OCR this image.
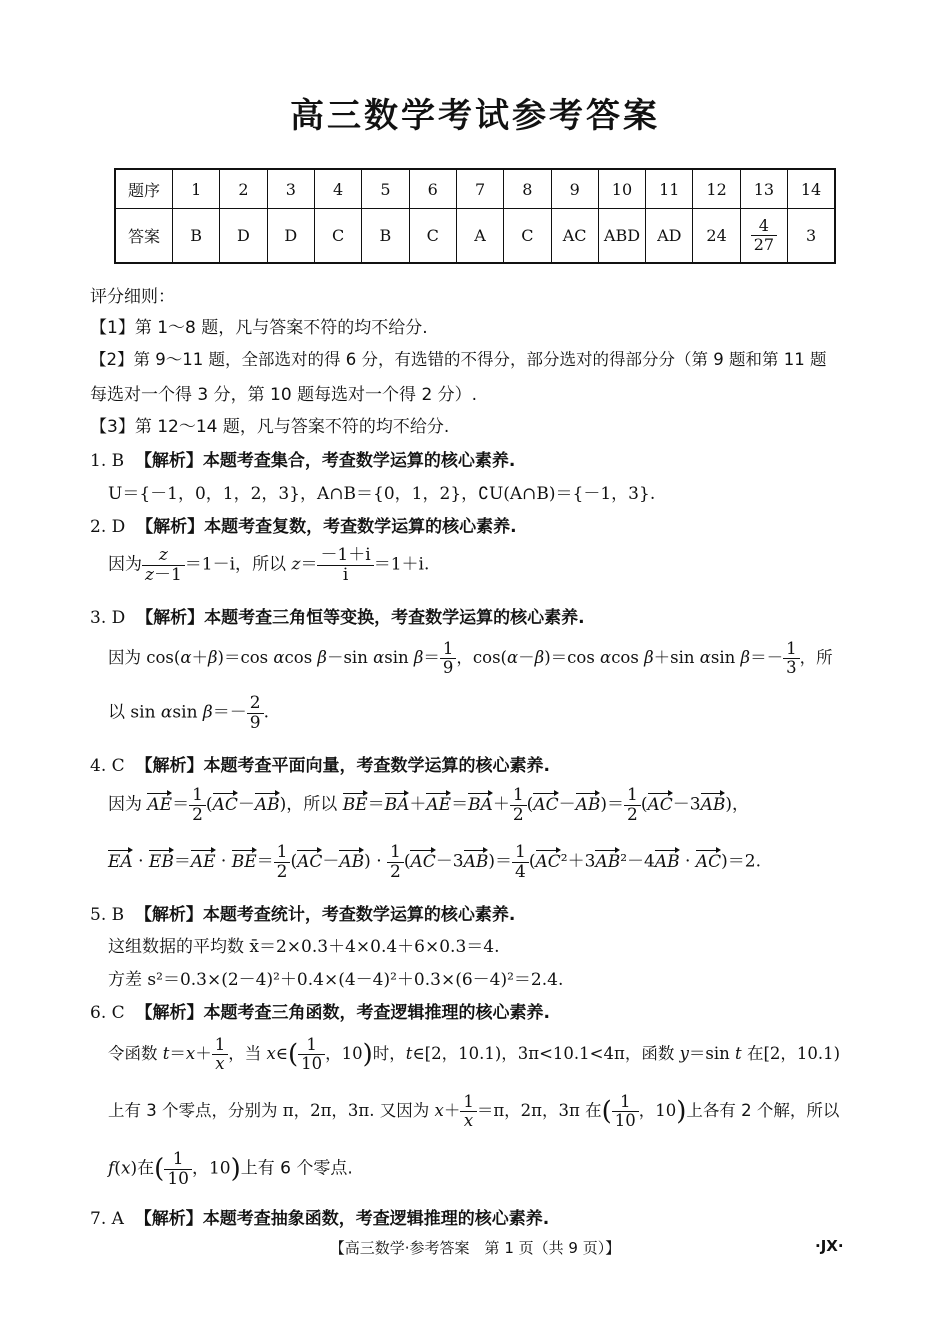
高三数学考试参考答案
题序	1	2	3	4	5	6	7	8	9	10	11	12	13	14
答案	B	D	D	C	B	C	A	C	AC	ABD	AD	24	$\frac{4}{27}$	3
评分细则：
【1】第 1～8 题，凡与答案不符的均不给分.
【2】第 9～11 题，全部选对的得 6 分，有选错的不得分，部分选对的得部分分（第 9 题和第 11 题
每选对一个得 3 分，第 10 题每选对一个得 2 分）.
【3】第 12～14 题，凡与答案不符的均不给分.
1. B 【解析】本题考查集合，考查数学运算的核心素养.
U＝{－1，0，1，2，3}，A∩B＝{0，1，2}，∁U(A∩B)＝{－1，3}.
2. D 【解析】本题考查复数，考查数学运算的核心素养.
因为 $\frac{z}{z-1} =1-i$，所以 $z= \frac{-1+i}{i} =1+i$.
3. D 【解析】本题考查三角恒等变换，考查数学运算的核心素养.
因为 cos(α＋β)＝cos αcos β－sin αsin $\beta= \frac{1}{9}$ ，cos(α－β)＝cos αcos β＋sin αsin $\beta=- \frac{1}{3}$ ，所
以 sin αsin $\beta=- \frac{2}{9}$ .
4. C 【解析】本题考查平面向量，考查数学运算的核心素养.
因为 $AE= \frac{1}{2} (AC-AB)$，所以 $BE=BA+AE=BA+ \frac{1}{2} (AC-AB)= \frac{1}{2} (AC-3AB)$，
EA · $EB=AE \cdot BE= \frac{1}{2} (AC-AB) \cdot \frac{1}{2} (AC-3AB)= \frac{1}{4} (AC^2+3AB^2-4AB \cdot AC)=2$.
5. B 【解析】本题考查统计，考查数学运算的核心素养.
这组数据的平均数 x̄＝2×0.3＋4×0.4＋6×0.3＝4.
方差 s²＝0.3×(2－4)²＋0.4×(4－4)²＋0.3×(6－4)²＝2.4.
6. C 【解析】本题考查三角函数，考查逻辑推理的核心素养.
令函数 $t=x+ \frac{1}{x}$ ，当 x∈( $\frac{1}{10}$ ，10)时，t∈[2，10.1)，3π<10.1<4π，函数 y＝sin t 在[2，10.1)
上有 3 个零点，分别为 π，2π，3π. 又因为 $x+ \frac{1}{x} =\pi$，2π，3π 在( $\frac{1}{10}$ ，10)上各有 2 个解，所以
f(x)在( $\frac{1}{10}$ ，10)上有 6 个零点.
7. A 【解析】本题考查抽象函数，考查逻辑推理的核心素养.
【高三数学·参考答案　第 1 页（共 9 页）】	·JX·
